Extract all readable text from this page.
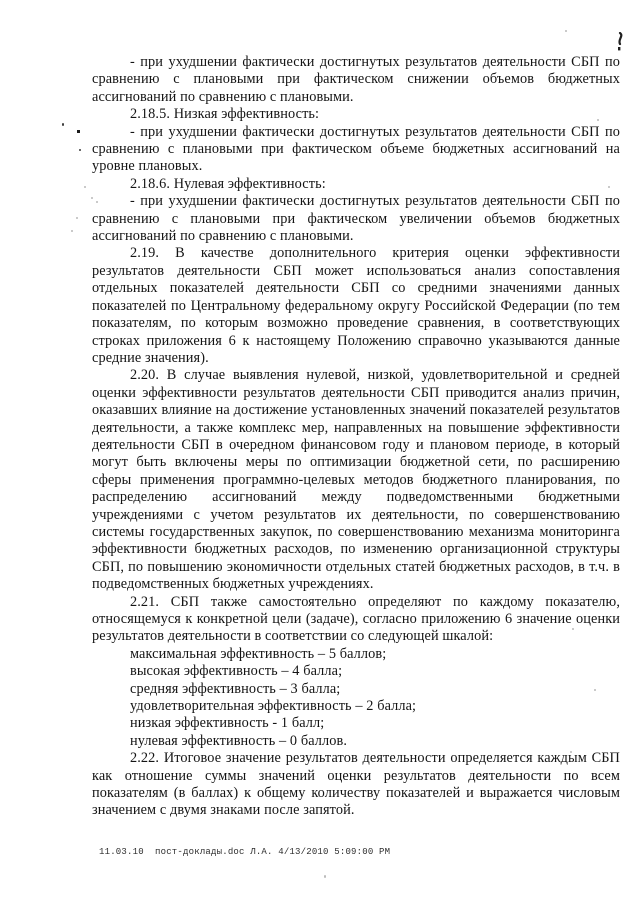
- при ухудшении фактически достигнутых результатов деятельности СБП по сравнению с плановыми при фактическом снижении объемов бюджетных ассигнований по сравнению с плановыми.

2.18.5. Низкая эффективность:

- при ухудшении фактически достигнутых результатов деятельности СБП по сравнению с плановыми при фактическом объеме бюджетных ассигнований на уровне плановых.

2.18.6. Нулевая эффективность:

- при ухудшении фактически достигнутых результатов деятельности СБП по сравнению с плановыми при фактическом увеличении объемов бюджетных ассигнований по сравнению с плановыми.

2.19. В качестве дополнительного критерия оценки эффективности результатов деятельности СБП может использоваться анализ сопоставления отдельных показателей деятельности СБП со средними значениями данных показателей по Центральному федеральному округу Российской Федерации (по тем показателям, по которым возможно проведение сравнения, в соответствующих строках приложения 6 к настоящему Положению справочно указываются данные средние значения).

2.20. В случае выявления нулевой, низкой, удовлетворительной и средней оценки эффективности результатов деятельности СБП приводится анализ причин, оказавших влияние на достижение установленных значений показателей результатов деятельности, а также комплекс мер, направленных на повышение эффективности деятельности СБП в очередном финансовом году и плановом периоде, в который могут быть включены меры по оптимизации бюджетной сети, по расширению сферы применения программно-целевых методов бюджетного планирования, по распределению ассигнований между подведомственными бюджетными учреждениями с учетом результатов их деятельности, по совершенствованию системы государственных закупок, по совершенствованию механизма мониторинга эффективности бюджетных расходов, по изменению организационной структуры СБП, по повышению экономичности отдельных статей бюджетных расходов, в т.ч. в подведомственных бюджетных учреждениях.

2.21. СБП также самостоятельно определяют по каждому показателю, относящемуся к конкретной цели (задаче), согласно приложению 6 значение оценки результатов деятельности в соответствии со следующей шкалой:

максимальная эффективность – 5 баллов;

высокая эффективность – 4 балла;

средняя эффективность – 3 балла;

удовлетворительная эффективность – 2 балла;

низкая эффективность - 1 балл;

нулевая эффективность – 0 баллов.

2.22. Итоговое значение результатов деятельности определяется каждым СБП как отношение суммы значений оценки результатов деятельности по всем показателям (в баллах) к общему количеству показателей и выражается числовым значением с двумя знаками после запятой.

11.03.10  пост-доклады.doc Л.А. 4/13/2010 5:09:00 PM
